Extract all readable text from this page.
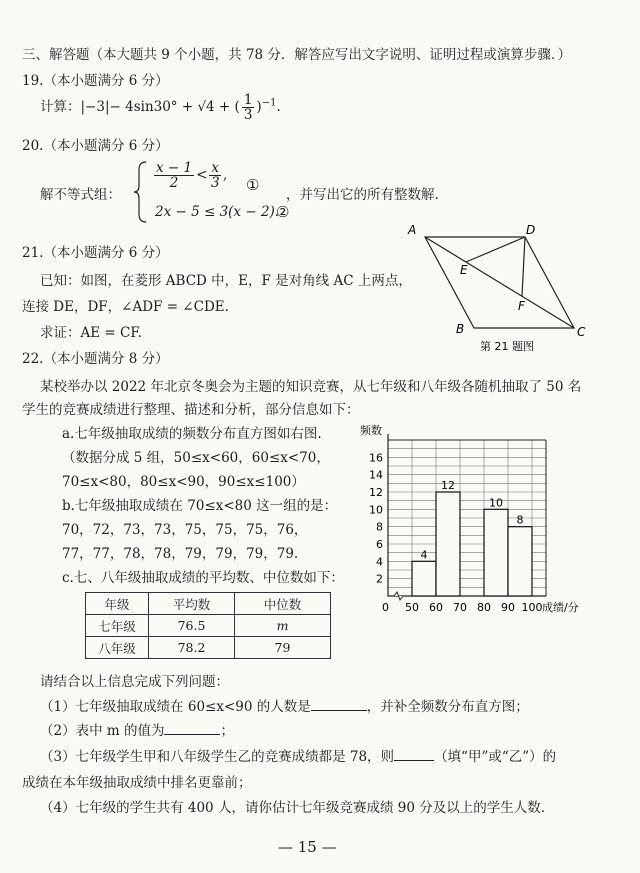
三、解答题（本大题共 9 个小题，共 78 分．解答应写出文字说明、证明过程或演算步骤．）
19.（本小题满分 6 分）
计算：|−3|− 4sin30° + √4 + ( $\frac{1}{3} )^{-1}$.
20.（本小题满分 6 分）
解不等式组：
$\frac{x - 1}{2} < \frac{x}{3}$ ,
①
2x − 5 ≤ 3(x − 2).
②
，并写出它的所有整数解.
21.（本小题满分 6 分）
已知：如图，在菱形 ABCD 中，E，F 是对角线 AC 上两点，
连接 DE，DF，∠ADF = ∠CDE.
求证：AE = CF.
A	D
E
F
B	C
第 21 题图
22.（本小题满分 8 分）
某校举办以 2022 年北京冬奥会为主题的知识竞赛，从七年级和八年级各随机抽取了 50 名
学生的竞赛成绩进行整理、描述和分析，部分信息如下：
a.七年级抽取成绩的频数分布直方图如右图.
（数据分成 5 组，50≤x<60，60≤x<70，
70≤x<80，80≤x<90，90≤x≤100）
b.七年级抽取成绩在 70≤x<80 这一组的是：
70，72，73，73，75，75，75，76，
77，77，78，78，79，79，79，79.
c.七、八年级抽取成绩的平均数、中位数如下：
年级	平均数	中位数
七年级	76.5	m
八年级	78.2	79
频数
成绩/分
0
2
4
6
8
10
12
14
16
50 60 70 80 90 100
4
12
10
8
请结合以上信息完成下列问题：
（1）七年级抽取成绩在 60≤x<90 的人数是	，并补全频数分布直方图；
（2）表中 m 的值为	；
（3）七年级学生甲和八年级学生乙的竞赛成绩都是 78，则	（填“甲”或“乙”）的
成绩在本年级抽取成绩中排名更靠前；
（4）七年级的学生共有 400 人，请你估计七年级竞赛成绩 90 分及以上的学生人数.
— 15 —
